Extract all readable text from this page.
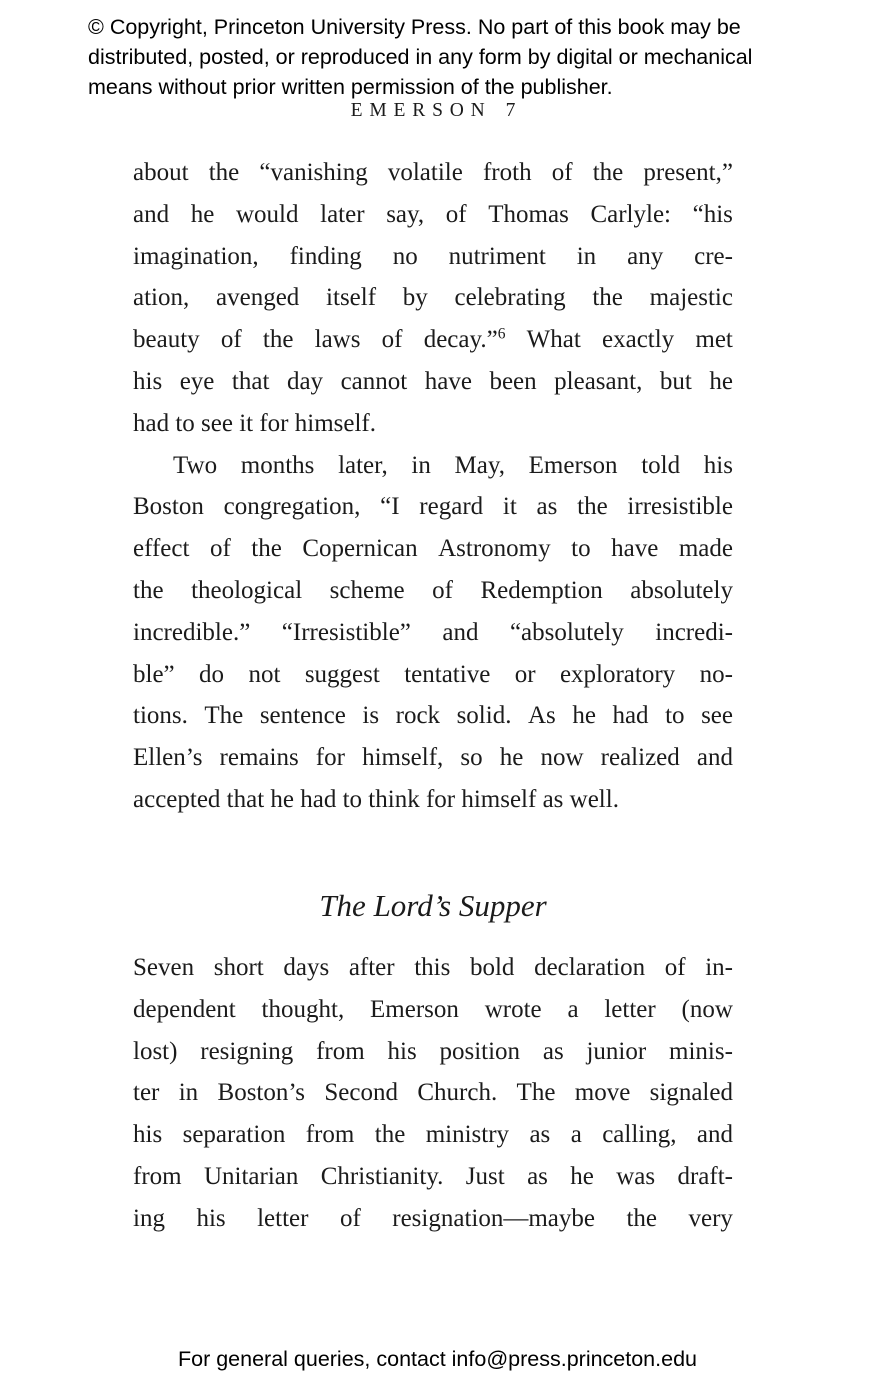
© Copyright, Princeton University Press. No part of this book may be
distributed, posted, or reproduced in any form by digital or mechanical
means without prior written permission of the publisher.
EMERSON 7
about the “vanishing volatile froth of the present,”
and he would later say, of Thomas Carlyle: “his
imagination, finding no nutriment in any cre-
ation, avenged itself by celebrating the majestic
beauty of the laws of decay.”$^6$ What exactly met
his eye that day cannot have been pleasant, but he
had to see it for himself.
Two months later, in May, Emerson told his
Boston congregation, “I regard it as the irresistible
effect of the Copernican Astronomy to have made
the theological scheme of Redemption absolutely
incredible.” “Irresistible” and “absolutely incredi-
ble” do not suggest tentative or exploratory no-
tions. The sentence is rock solid. As he had to see
Ellen’s remains for himself, so he now realized and
accepted that he had to think for himself as well.
The Lord’s Supper
Seven short days after this bold declaration of in-
dependent thought, Emerson wrote a letter (now
lost) resigning from his position as junior minis-
ter in Boston’s Second Church. The move signaled
his separation from the ministry as a calling, and
from Unitarian Christianity. Just as he was draft-
ing his letter of resignation—maybe the very
For general queries, contact info@press.princeton.edu
